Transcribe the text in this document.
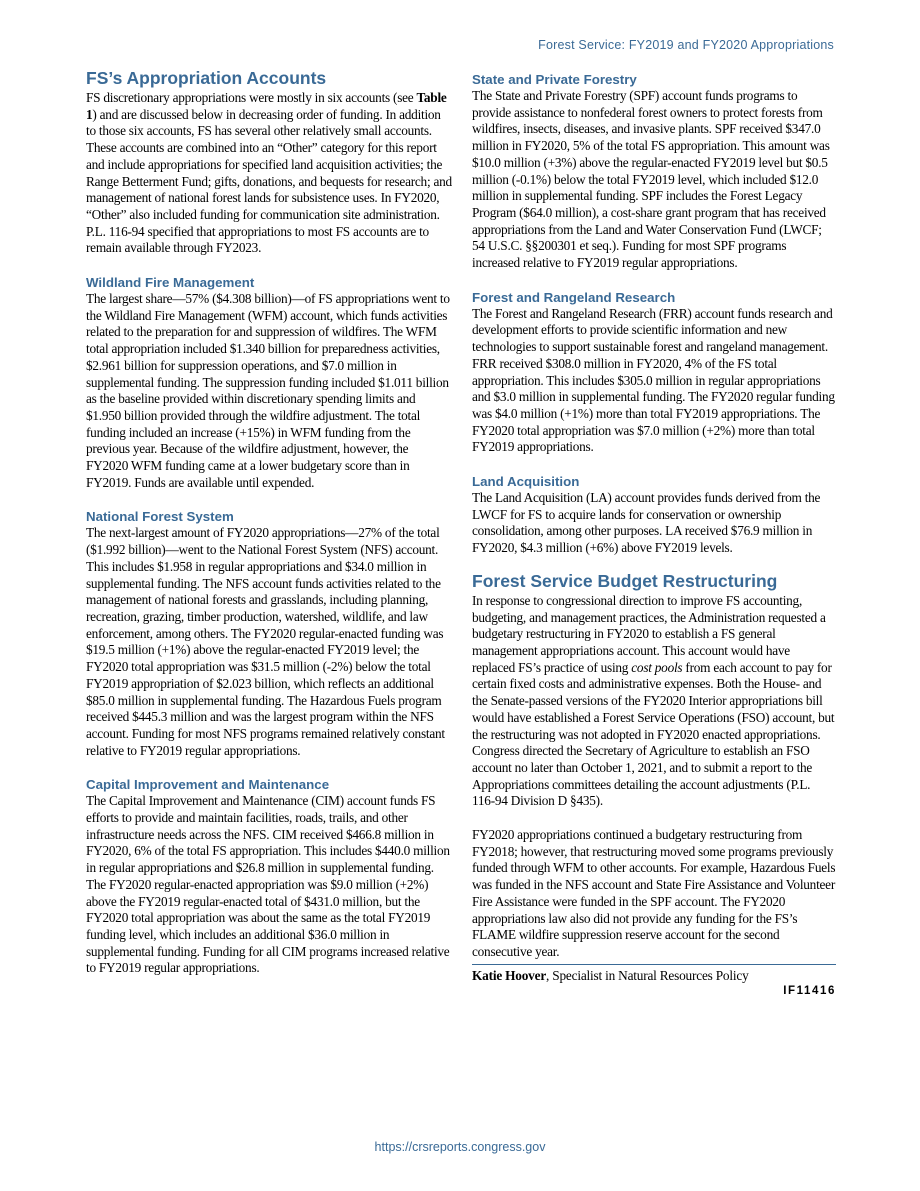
Forest Service: FY2019 and FY2020 Appropriations
FS’s Appropriation Accounts

FS discretionary appropriations were mostly in six accounts (see Table 1) and are discussed below in decreasing order of funding. In addition to those six accounts, FS has several other relatively small accounts. These accounts are combined into an “Other” category for this report and include appropriations for specified land acquisition activities; the Range Betterment Fund; gifts, donations, and bequests for research; and management of national forest lands for subsistence uses. In FY2020, “Other” also included funding for communication site administration. P.L. 116-94 specified that appropriations to most FS accounts are to remain available through FY2023.

Wildland Fire Management

The largest share—57% ($4.308 billion)—of FS appropriations went to the Wildland Fire Management (WFM) account, which funds activities related to the preparation for and suppression of wildfires. The WFM total appropriation included $1.340 billion for preparedness activities, $2.961 billion for suppression operations, and $7.0 million in supplemental funding. The suppression funding included $1.011 billion as the baseline provided within discretionary spending limits and $1.950 billion provided through the wildfire adjustment. The total funding included an increase (+15%) in WFM funding from the previous year. Because of the wildfire adjustment, however, the FY2020 WFM funding came at a lower budgetary score than in FY2019. Funds are available until expended.

National Forest System

The next-largest amount of FY2020 appropriations—27% of the total ($1.992 billion)—went to the National Forest System (NFS) account. This includes $1.958 in regular appropriations and $34.0 million in supplemental funding. The NFS account funds activities related to the management of national forests and grasslands, including planning, recreation, grazing, timber production, watershed, wildlife, and law enforcement, among others. The FY2020 regular-enacted funding was $19.5 million (+1%) above the regular-enacted FY2019 level; the FY2020 total appropriation was $31.5 million (-2%) below the total FY2019 appropriation of $2.023 billion, which reflects an additional $85.0 million in supplemental funding. The Hazardous Fuels program received $445.3 million and was the largest program within the NFS account. Funding for most NFS programs remained relatively constant relative to FY2019 regular appropriations.

Capital Improvement and Maintenance

The Capital Improvement and Maintenance (CIM) account funds FS efforts to provide and maintain facilities, roads, trails, and other infrastructure needs across the NFS. CIM received $466.8 million in FY2020, 6% of the total FS appropriation. This includes $440.0 million in regular appropriations and $26.8 million in supplemental funding. The FY2020 regular-enacted appropriation was $9.0 million (+2%) above the FY2019 regular-enacted total of $431.0 million, but the FY2020 total appropriation was about the same as the total FY2019 funding level, which includes an additional $36.0 million in supplemental funding. Funding for all CIM programs increased relative to FY2019 regular appropriations.

State and Private Forestry

The State and Private Forestry (SPF) account funds programs to provide assistance to nonfederal forest owners to protect forests from wildfires, insects, diseases, and invasive plants. SPF received $347.0 million in FY2020, 5% of the total FS appropriation. This amount was $10.0 million (+3%) above the regular-enacted FY2019 level but $0.5 million (-0.1%) below the total FY2019 level, which included $12.0 million in supplemental funding. SPF includes the Forest Legacy Program ($64.0 million), a cost-share grant program that has received appropriations from the Land and Water Conservation Fund (LWCF; 54 U.S.C. §§200301 et seq.). Funding for most SPF programs increased relative to FY2019 regular appropriations.

Forest and Rangeland Research

The Forest and Rangeland Research (FRR) account funds research and development efforts to provide scientific information and new technologies to support sustainable forest and rangeland management. FRR received $308.0 million in FY2020, 4% of the FS total appropriation. This includes $305.0 million in regular appropriations and $3.0 million in supplemental funding. The FY2020 regular funding was $4.0 million (+1%) more than total FY2019 appropriations. The FY2020 total appropriation was $7.0 million (+2%) more than total FY2019 appropriations.

Land Acquisition

The Land Acquisition (LA) account provides funds derived from the LWCF for FS to acquire lands for conservation or ownership consolidation, among other purposes. LA received $76.9 million in FY2020, $4.3 million (+6%) above FY2019 levels.

Forest Service Budget Restructuring

In response to congressional direction to improve FS accounting, budgeting, and management practices, the Administration requested a budgetary restructuring in FY2020 to establish a FS general management appropriations account. This account would have replaced FS’s practice of using cost pools from each account to pay for certain fixed costs and administrative expenses. Both the House- and the Senate-passed versions of the FY2020 Interior appropriations bill would have established a Forest Service Operations (FSO) account, but the restructuring was not adopted in FY2020 enacted appropriations. Congress directed the Secretary of Agriculture to establish an FSO account no later than October 1, 2021, and to submit a report to the Appropriations committees detailing the account adjustments (P.L. 116-94 Division D §435).

FY2020 appropriations continued a budgetary restructuring from FY2018; however, that restructuring moved some programs previously funded through WFM to other accounts. For example, Hazardous Fuels was funded in the NFS account and State Fire Assistance and Volunteer Fire Assistance were funded in the SPF account. The FY2020 appropriations law also did not provide any funding for the FS’s FLAME wildfire suppression reserve account for the second consecutive year.

Katie Hoover, Specialist in Natural Resources Policy
IF11416
https://crsreports.congress.gov
